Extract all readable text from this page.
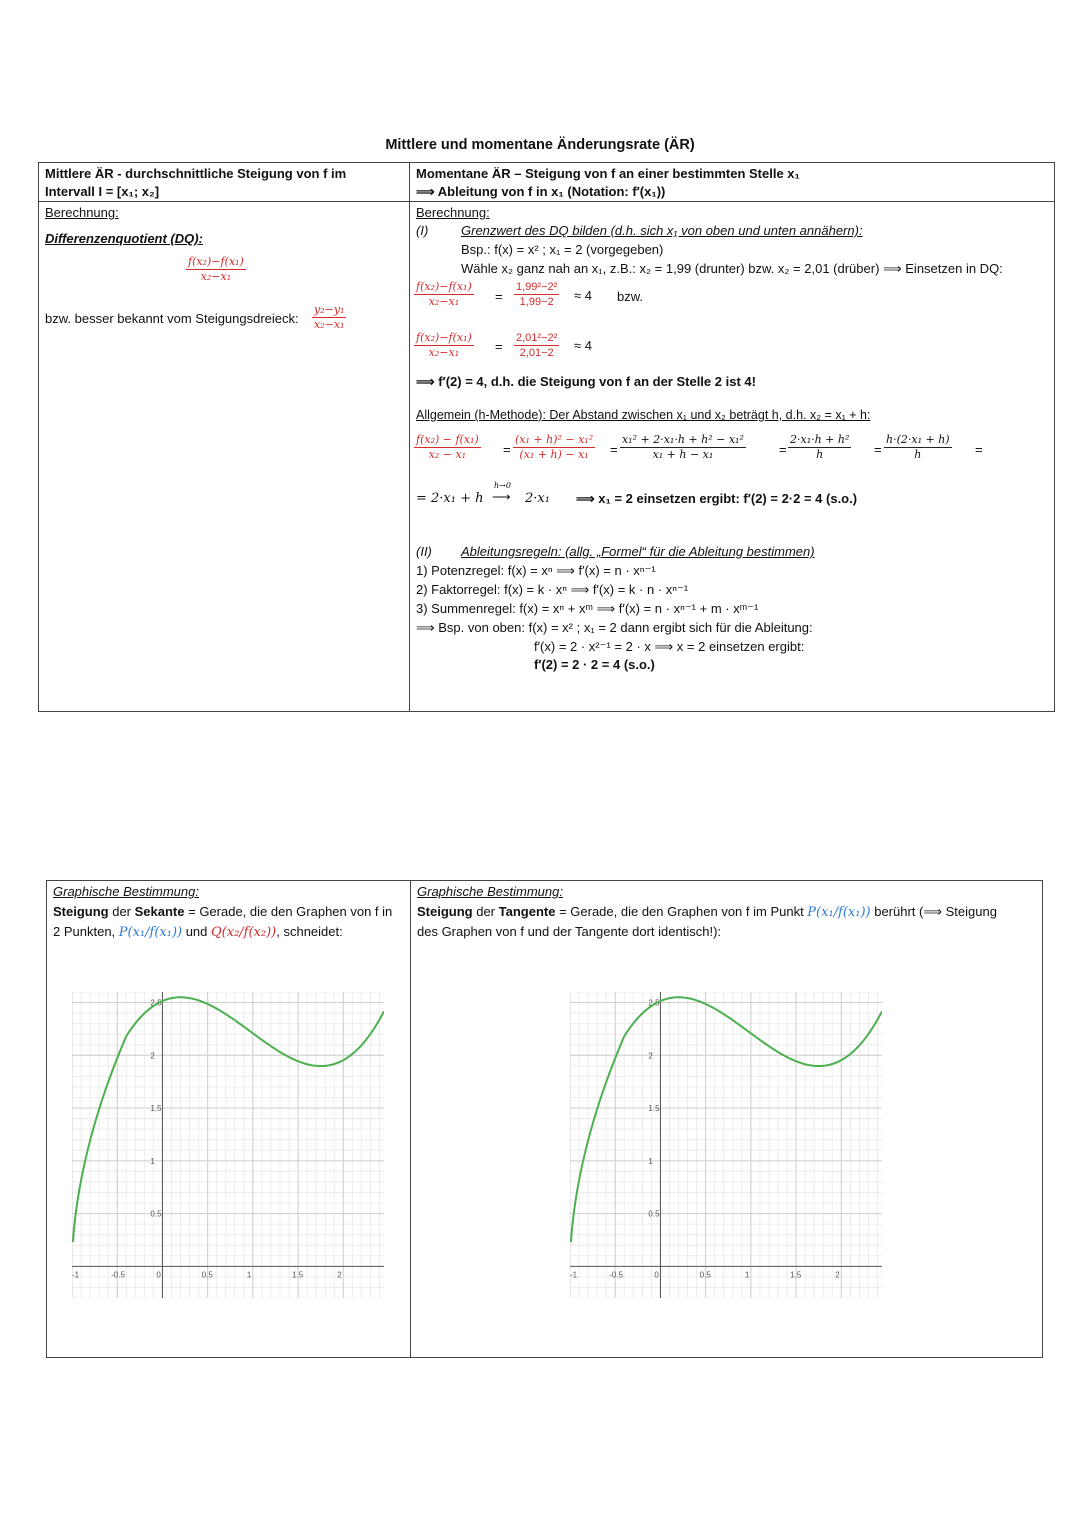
Mittlere und momentane Änderungsrate (ÄR)
Mittlere ÄR - durchschnittliche Steigung von f im
Intervall I = [x₁; x₂]
Berechnung:
Differenzenquotient (DQ):
$\frac{\text{f(x₂)−f(x₁)}}{\text{x₂−x₁}}$
bzw. besser bekannt vom Steigungsdreieck: $\frac{\text{y₂−y₁}}{\text{x₂−x₁}}$
Momentane ÄR – Steigung von f an einer bestimmten Stelle x₁
⟹ Ableitung von f in x₁ (Notation: f′(x₁))
Berechnung:
(I)	Grenzwert des DQ bilden (d.h. sich x₁ von oben und unten annähern):
Bsp.: f(x) = x² ; x₁ = 2 (vorgegeben)
Wähle x₂ ganz nah an x₁, z.B.: x₂ = 1,99 (drunter) bzw. x₂ = 2,01 (drüber) ⟹ Einsetzen in DQ:
$\frac{\text{f(x₂)−f(x₁)}}{\text{x₂−x₁}} = \frac{\text{1,99²−2²}}{1,99-2} \approx 4$ bzw.
$\frac{\text{f(x₂)−f(x₁)}}{\text{x₂−x₁}} = \frac{\text{2,01²−2²}}{2,01-2} \approx 4$
⟹ f′(2) = 4, d.h. die Steigung von f an der Stelle 2 ist 4!
Allgemein (h-Methode): Der Abstand zwischen x₁ und x₂ beträgt h, d.h. x₂ = x₁ + h:
$\frac{\text{f(x₂) − f(x₁)}}{\text{x₂ − x₁}} = \frac{\text{(x₁ + h)² − x₁²}}{\text{(x₁ + h) − x₁}} = \frac{\text{x₁² + 2·x₁·h + h² − x₁²}}{\text{x₁ + h − x₁}}$	= $\frac{\text{2·x₁·h + h²}}{h} = \frac{\text{h·(2·x₁ + h)}}{h}$ =
= 2·x₁ + h
h→0
⟶ 2·x₁ ⟹ x₁ = 2 einsetzen ergibt: f′(2) = 2·2 = 4 (s.o.)
(II) Ableitungsregeln: (allg. „Formel“ für die Ableitung bestimmen)
1) Potenzregel: f(x) = xⁿ ⟹ f′(x) = n · xⁿ⁻¹
2) Faktorregel: f(x) = k · xⁿ ⟹ f′(x) = k · n · xⁿ⁻¹
3) Summenregel: f(x) = xⁿ + xᵐ ⟹ f′(x) = n · xⁿ⁻¹ + m · xᵐ⁻¹
⟹ Bsp. von oben: f(x) = x² ; x₁ = 2 dann ergibt sich für die Ableitung:
f′(x) = 2 · x²⁻¹ = 2 · x ⟹ x = 2 einsetzen ergibt:
f′(2) = 2 · 2 = 4 (s.o.)
Graphische Bestimmung:
Steigung der Sekante = Gerade, die den Graphen von f in
2 Punkten, P(x₁/f(x₁)) und Q(x₂/f(x₂)), schneidet:
Graphische Bestimmung:
Steigung der Tangente = Gerade, die den Graphen von f im Punkt P(x₁/f(x₁)) berührt (⟹ Steigung
des Graphen von f und der Tangente dort identisch!):
-1	-0.5	0	0.5	1	1.5	2
0.5
1
1.5
2
2.5
-1	-0.5	0	0.5	1	1.5	2
0.5
1
1.5
2
2.5
